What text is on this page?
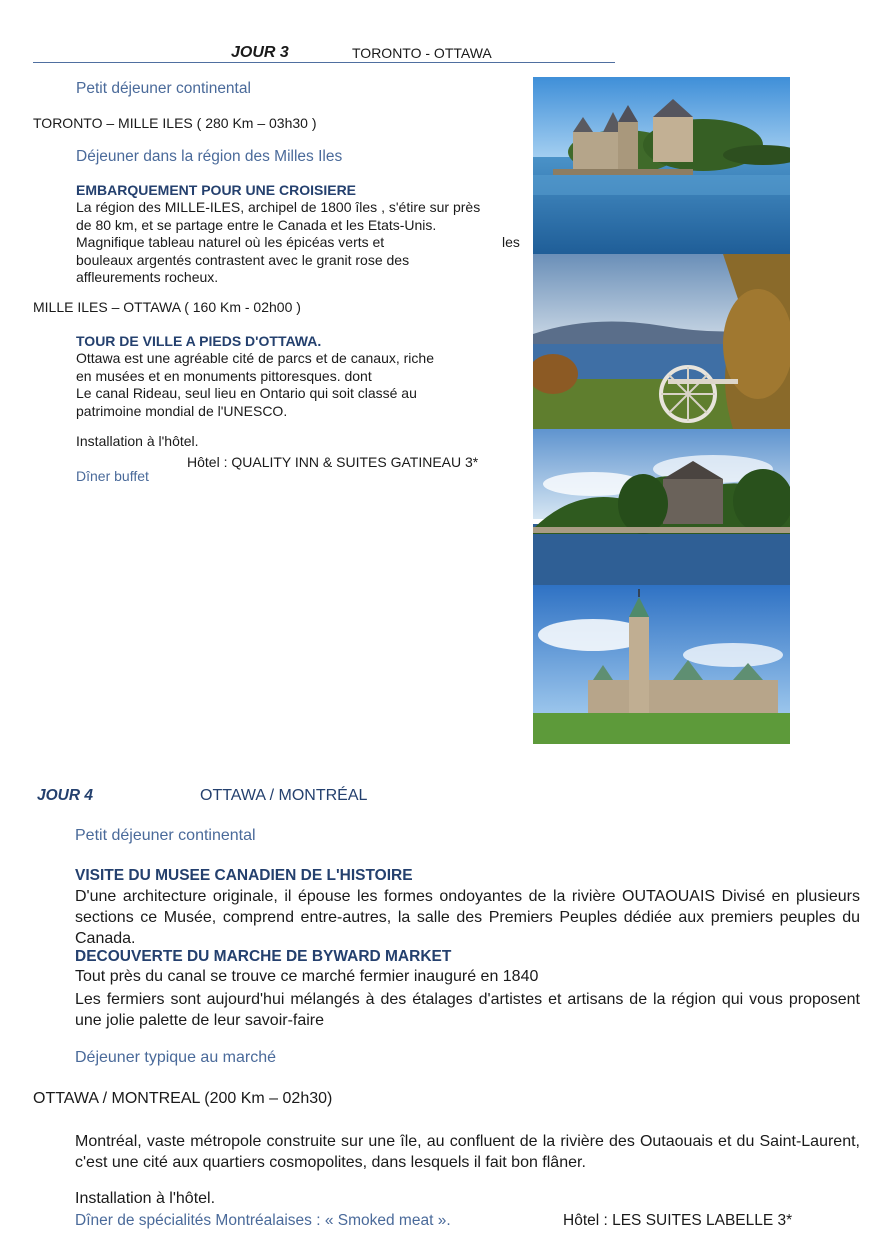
JOUR 3	TORONTO - OTTAWA
Petit déjeuner continental
TORONTO – MILLE ILES ( 280 Km – 03h30 )
Déjeuner dans la région des Milles Iles
EMBARQUEMENT POUR UNE CROISIERE
La région des MILLE-ILES, archipel de 1800 îles , s'étire sur près
de 80 km, et se partage entre le Canada et les Etats-Unis.
Magnifique tableau naturel où les épicéas verts et
bouleaux argentés contrastent avec le granit rose des
affleurements rocheux.
les
MILLE ILES – OTTAWA ( 160 Km - 02h00 )
TOUR DE VILLE A PIEDS D'OTTAWA.
Ottawa est une agréable cité de parcs et de canaux, riche
en musées et en monuments pittoresques. dont
Le canal Rideau, seul lieu en Ontario qui soit classé au
patrimoine mondial de l'UNESCO.
Installation à l'hôtel.
Hôtel : QUALITY INN & SUITES GATINEAU 3*
Dîner buffet
JOUR 4	OTTAWA / MONTRÉAL
Petit déjeuner continental
VISITE DU MUSEE CANADIEN DE L'HISTOIRE
D'une architecture originale, il épouse les formes ondoyantes de la rivière OUTAOUAIS Divisé en plusieurs sections ce Musée, comprend entre-autres, la salle des Premiers Peuples dédiée aux premiers peuples du Canada.
DECOUVERTE DU MARCHE DE BYWARD MARKET
Tout près du canal se trouve ce marché fermier inauguré en 1840
Les fermiers sont aujourd'hui mélangés à des étalages d'artistes et artisans de la région qui vous proposent une jolie palette de leur savoir-faire
Déjeuner typique au marché
OTTAWA / MONTREAL (200 Km – 02h30)
Montréal, vaste métropole construite sur une île, au confluent de la rivière des Outaouais et du Saint-Laurent, c'est une cité aux quartiers cosmopolites, dans lesquels il fait bon flâner.
Installation à l'hôtel.
Dîner de spécialités Montréalaises : « Smoked meat ».	Hôtel : LES SUITES LABELLE 3*
